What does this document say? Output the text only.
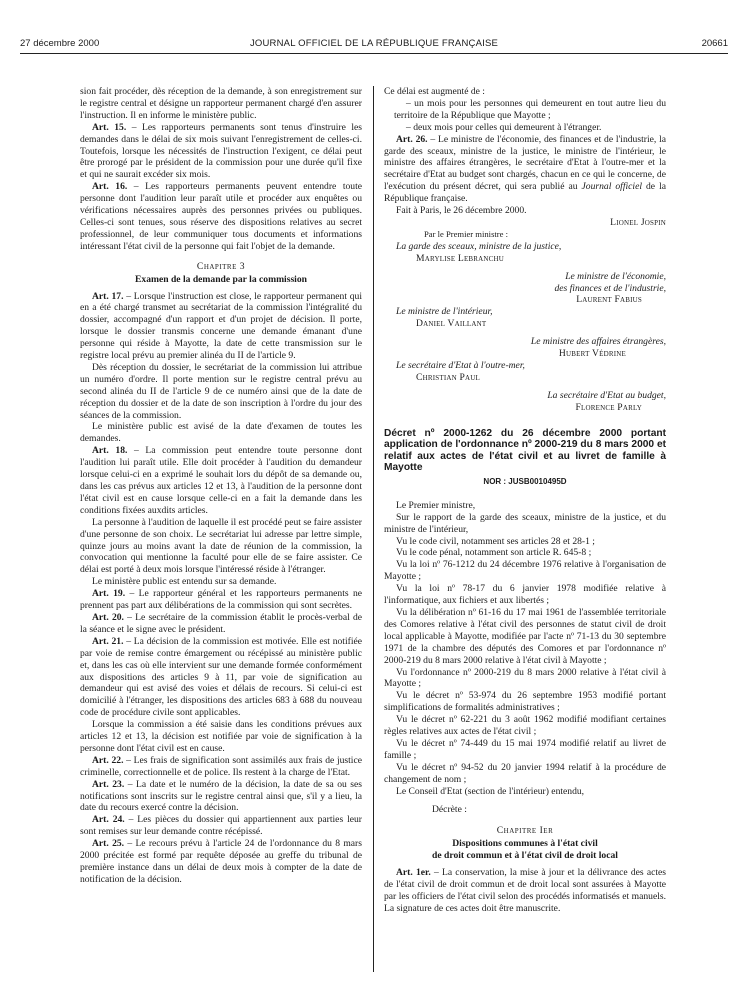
27 décembre 2000	JOURNAL OFFICIEL DE LA RÉPUBLIQUE FRANÇAISE	20661

sion fait procéder, dès réception de la demande, à son enregistrement sur le registre central et désigne un rapporteur permanent chargé d'en assurer l'instruction. Il en informe le ministère public.

Art. 15. – Les rapporteurs permanents sont tenus d'instruire les demandes dans le délai de six mois suivant l'enregistrement de celles-ci. Toutefois, lorsque les nécessités de l'instruction l'exigent, ce délai peut être prorogé par le président de la commission pour une durée qu'il fixe et qui ne saurait excéder six mois.

Art. 16. – Les rapporteurs permanents peuvent entendre toute personne dont l'audition leur paraît utile et procéder aux enquêtes ou vérifications nécessaires auprès des personnes privées ou publiques. Celles-ci sont tenues, sous réserve des dispositions relatives au secret professionnel, de leur communiquer tous documents et informations intéressant l'état civil de la personne qui fait l'objet de la demande.

Chapitre 3
Examen de la demande par la commission

Art. 17. – Lorsque l'instruction est close, le rapporteur permanent qui en a été chargé transmet au secrétariat de la commission l'intégralité du dossier, accompagné d'un rapport et d'un projet de décision. Il porte, lorsque le dossier transmis concerne une demande émanant d'une personne qui réside à Mayotte, la date de cette transmission sur le registre local prévu au premier alinéa du II de l'article 9.

Dès réception du dossier, le secrétariat de la commission lui attribue un numéro d'ordre. Il porte mention sur le registre central prévu au second alinéa du II de l'article 9 de ce numéro ainsi que de la date de réception du dossier et de la date de son inscription à l'ordre du jour des séances de la commission.

Le ministère public est avisé de la date d'examen de toutes les demandes.

Art. 18. – La commission peut entendre toute personne dont l'audition lui paraît utile. Elle doit procéder à l'audition du demandeur lorsque celui-ci en a exprimé le souhait lors du dépôt de sa demande ou, dans les cas prévus aux articles 12 et 13, à l'audition de la personne dont l'état civil est en cause lorsque celle-ci en a fait la demande dans les conditions fixées auxdits articles.

La personne à l'audition de laquelle il est procédé peut se faire assister d'une personne de son choix. Le secrétariat lui adresse par lettre simple, quinze jours au moins avant la date de réunion de la commission, la convocation qui mentionne la faculté pour elle de se faire assister. Ce délai est porté à deux mois lorsque l'intéressé réside à l'étranger.

Le ministère public est entendu sur sa demande.

Art. 19. – Le rapporteur général et les rapporteurs permanents ne prennent pas part aux délibérations de la commission qui sont secrètes.

Art. 20. – Le secrétaire de la commission établit le procès-verbal de la séance et le signe avec le président.

Art. 21. – La décision de la commission est motivée. Elle est notifiée par voie de remise contre émargement ou récépissé au ministère public et, dans les cas où elle intervient sur une demande formée conformément aux dispositions des articles 9 à 11, par voie de signification au demandeur qui est avisé des voies et délais de recours. Si celui-ci est domicilié à l'étranger, les dispositions des articles 683 à 688 du nouveau code de procédure civile sont applicables.

Lorsque la commission a été saisie dans les conditions prévues aux articles 12 et 13, la décision est notifiée par voie de signification à la personne dont l'état civil est en cause.

Art. 22. – Les frais de signification sont assimilés aux frais de justice criminelle, correctionnelle et de police. Ils restent à la charge de l'Etat.

Art. 23. – La date et le numéro de la décision, la date de sa ou ses notifications sont inscrits sur le registre central ainsi que, s'il y a lieu, la date du recours exercé contre la décision.

Art. 24. – Les pièces du dossier qui appartiennent aux parties leur sont remises sur leur demande contre récépissé.

Art. 25. – Le recours prévu à l'article 24 de l'ordonnance du 8 mars 2000 précitée est formé par requête déposée au greffe du tribunal de première instance dans un délai de deux mois à compter de la date de notification de la décision.

Ce délai est augmenté de :

– un mois pour les personnes qui demeurent en tout autre lieu du territoire de la République que Mayotte ;

– deux mois pour celles qui demeurent à l'étranger.

Art. 26. – Le ministre de l'économie, des finances et de l'industrie, la garde des sceaux, ministre de la justice, le ministre de l'intérieur, le ministre des affaires étrangères, le secrétaire d'Etat à l'outre-mer et la secrétaire d'Etat au budget sont chargés, chacun en ce qui le concerne, de l'exécution du présent décret, qui sera publié au Journal officiel de la République française.

Fait à Paris, le 26 décembre 2000.

Lionel Jospin

Par le Premier ministre :

La garde des sceaux, ministre de la justice,

Marylise Lebranchu

Le ministre de l'économie,

des finances et de l'industrie,

Laurent Fabius

Le ministre de l'intérieur,

Daniel Vaillant

Le ministre des affaires étrangères,

Hubert Védrine

Le secrétaire d'Etat à l'outre-mer,

Christian Paul

La secrétaire d'Etat au budget,

Florence Parly

Décret nº 2000-1262 du 26 décembre 2000 portant application de l'ordonnance nº 2000-219 du 8 mars 2000 et relatif aux actes de l'état civil et au livret de famille à Mayotte
NOR : JUSB0010495D

Le Premier ministre,

Sur le rapport de la garde des sceaux, ministre de la justice, et du ministre de l'intérieur,

Vu le code civil, notamment ses articles 28 et 28-1 ;

Vu le code pénal, notamment son article R. 645-8 ;

Vu la loi nº 76-1212 du 24 décembre 1976 relative à l'organisation de Mayotte ;

Vu la loi nº 78-17 du 6 janvier 1978 modifiée relative à l'informatique, aux fichiers et aux libertés ;

Vu la délibération nº 61-16 du 17 mai 1961 de l'assemblée territoriale des Comores relative à l'état civil des personnes de statut civil de droit local applicable à Mayotte, modifiée par l'acte nº 71-13 du 30 septembre 1971 de la chambre des députés des Comores et par l'ordonnance nº 2000-219 du 8 mars 2000 relative à l'état civil à Mayotte ;

Vu l'ordonnance nº 2000-219 du 8 mars 2000 relative à l'état civil à Mayotte ;

Vu le décret nº 53-974 du 26 septembre 1953 modifié portant simplifications de formalités administratives ;

Vu le décret nº 62-221 du 3 août 1962 modifié modifiant certaines règles relatives aux actes de l'état civil ;

Vu le décret nº 74-449 du 15 mai 1974 modifié relatif au livret de famille ;

Vu le décret nº 94-52 du 20 janvier 1994 relatif à la procédure de changement de nom ;

Le Conseil d'Etat (section de l'intérieur) entendu,

Décrète :

Chapitre Ier
Dispositions communes à l'état civil
de droit commun et à l'état civil de droit local

Art. 1er. – La conservation, la mise à jour et la délivrance des actes de l'état civil de droit commun et de droit local sont assurées à Mayotte par les officiers de l'état civil selon des procédés informatisés et manuels. La signature de ces actes doit être manuscrite.
